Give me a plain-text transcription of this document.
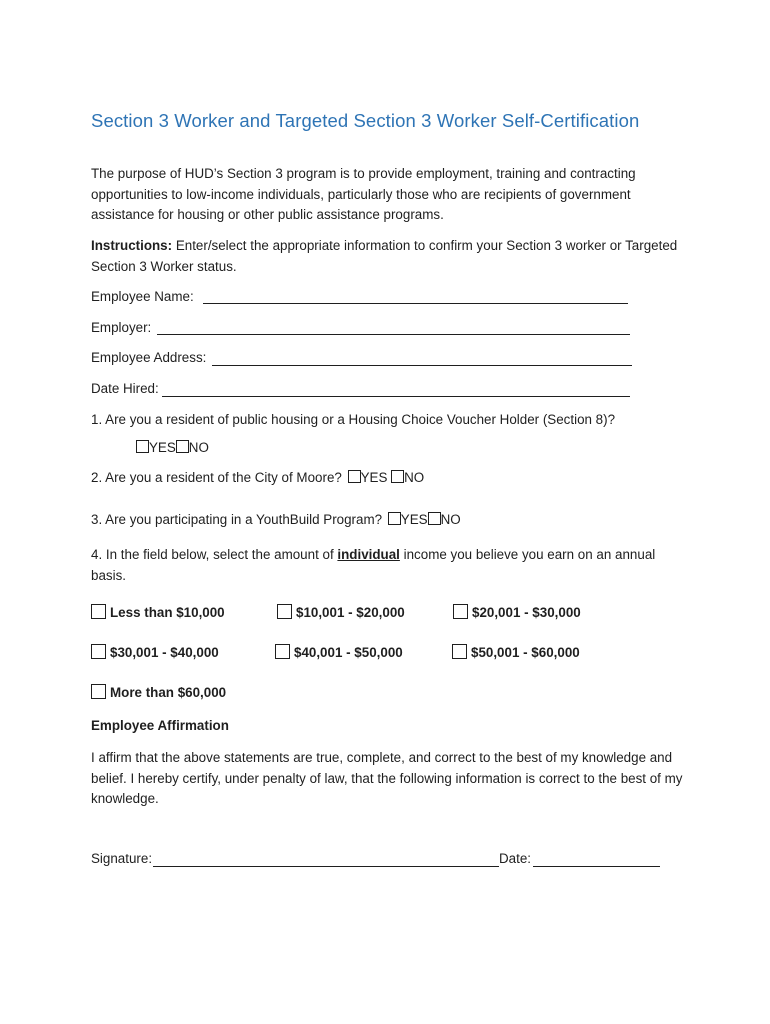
Section 3 Worker and Targeted Section 3 Worker Self-Certification
The purpose of HUD’s Section 3 program is to provide employment, training and contracting opportunities to low-income individuals, particularly those who are recipients of government assistance for housing or other public assistance programs.
Instructions: Enter/select the appropriate information to confirm your Section 3 worker or Targeted Section 3 Worker status.
Employee Name:
Employer:
Employee Address:
Date Hired:
1. Are you a resident of public housing or a Housing Choice Voucher Holder (Section 8)?
YES NO
2. Are you a resident of the City of Moore? YES NO
3. Are you participating in a YouthBuild Program? YES NO
4. In the field below, select the amount of individual income you believe you earn on an annual basis.
Less than $10,000	$10,001 - $20,000	$20,001 - $30,000
$30,001 - $40,000	$40,001 - $50,000	$50,001 - $60,000
More than $60,000
Employee Affirmation
I affirm that the above statements are true, complete, and correct to the best of my knowledge and belief. I hereby certify, under penalty of law, that the following information is correct to the best of my knowledge.
Signature:	Date:
